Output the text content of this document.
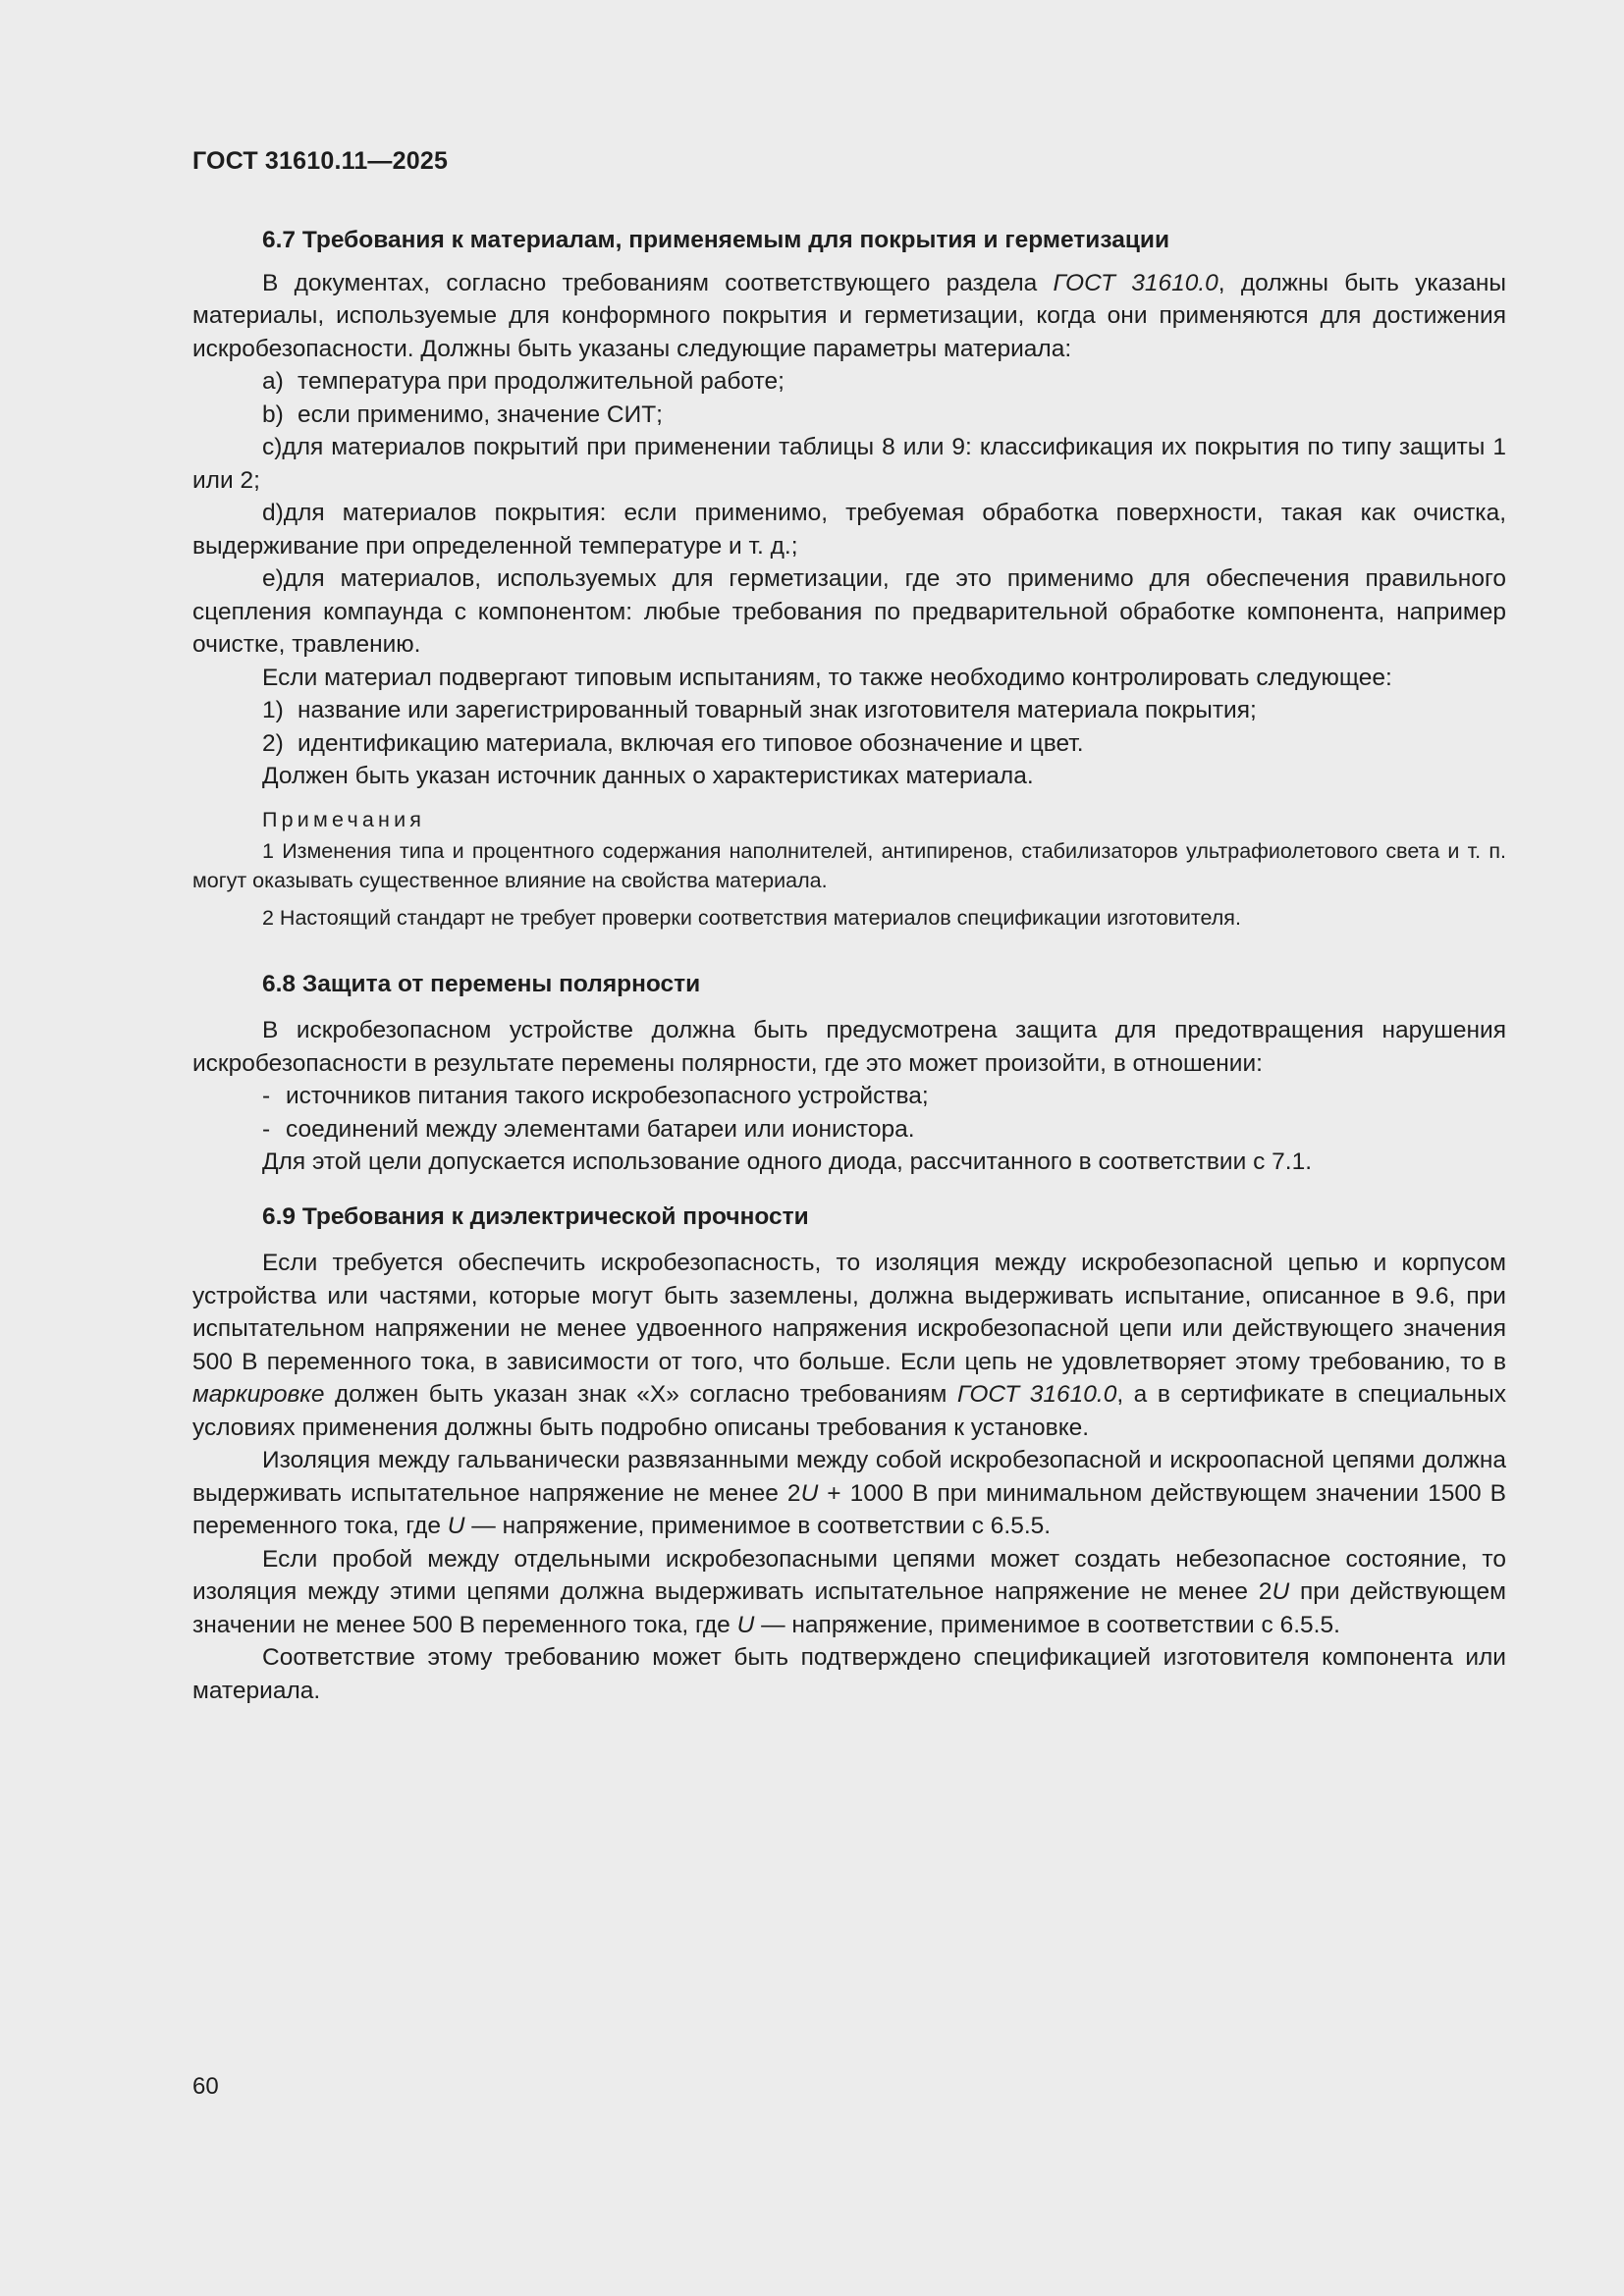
ГОСТ 31610.11—2025
6.7 Требования к материалам, применяемым для покрытия и герметизации

В документах, согласно требованиям соответствующего раздела ГОСТ 31610.0, должны быть указаны материалы, используемые для конформного покрытия и герметизации, когда они применяются для достижения искробезопасности. Должны быть указаны следующие параметры материала:

a) температура при продолжительной работе;

b) если применимо, значение СИТ;

c)для материалов покрытий при применении таблицы 8 или 9: классификация их покрытия по типу защиты 1 или 2;

d)для материалов покрытия: если применимо, требуемая обработка поверхности, такая как очистка, выдерживание при определенной температуре и т. д.;

e)для материалов, используемых для герметизации, где это применимо для обеспечения правильного сцепления компаунда с компонентом: любые требования по предварительной обработке компонента, например очистке, травлению.

Если материал подвергают типовым испытаниям, то также необходимо контролировать следующее:

1) название или зарегистрированный товарный знак изготовителя материала покрытия;

2) идентификацию материала, включая его типовое обозначение и цвет.

Должен быть указан источник данных о характеристиках материала.

Примечания

1 Изменения типа и процентного содержания наполнителей, антипиренов, стабилизаторов ультрафиолетового света и т. п. могут оказывать существенное влияние на свойства материала.

2 Настоящий стандарт не требует проверки соответствия материалов спецификации изготовителя.

6.8 Защита от перемены полярности

В искробезопасном устройстве должна быть предусмотрена защита для предотвращения нарушения искробезопасности в результате перемены полярности, где это может произойти, в отношении:

- источников питания такого искробезопасного устройства;

- соединений между элементами батареи или ионистора.

Для этой цели допускается использование одного диода, рассчитанного в соответствии с 7.1.

6.9 Требования к диэлектрической прочности

Если требуется обеспечить искробезопасность, то изоляция между искробезопасной цепью и корпусом устройства или частями, которые могут быть заземлены, должна выдерживать испытание, описанное в 9.6, при испытательном напряжении не менее удвоенного напряжения искробезопасной цепи или действующего значения 500 В переменного тока, в зависимости от того, что больше. Если цепь не удовлетворяет этому требованию, то в маркировке должен быть указан знак «X» согласно требованиям ГОСТ 31610.0, а в сертификате в специальных условиях применения должны быть подробно описаны требования к установке.

Изоляция между гальванически развязанными между собой искробезопасной и искроопасной цепями должна выдерживать испытательное напряжение не менее 2U + 1000 В при минимальном действующем значении 1500 В переменного тока, где U — напряжение, применимое в соответствии с 6.5.5.

Если пробой между отдельными искробезопасными цепями может создать небезопасное состояние, то изоляция между этими цепями должна выдерживать испытательное напряжение не менее 2U при действующем значении не менее 500 В переменного тока, где U — напряжение, применимое в соответствии с 6.5.5.

Соответствие этому требованию может быть подтверждено спецификацией изготовителя компонента или материала.

60
